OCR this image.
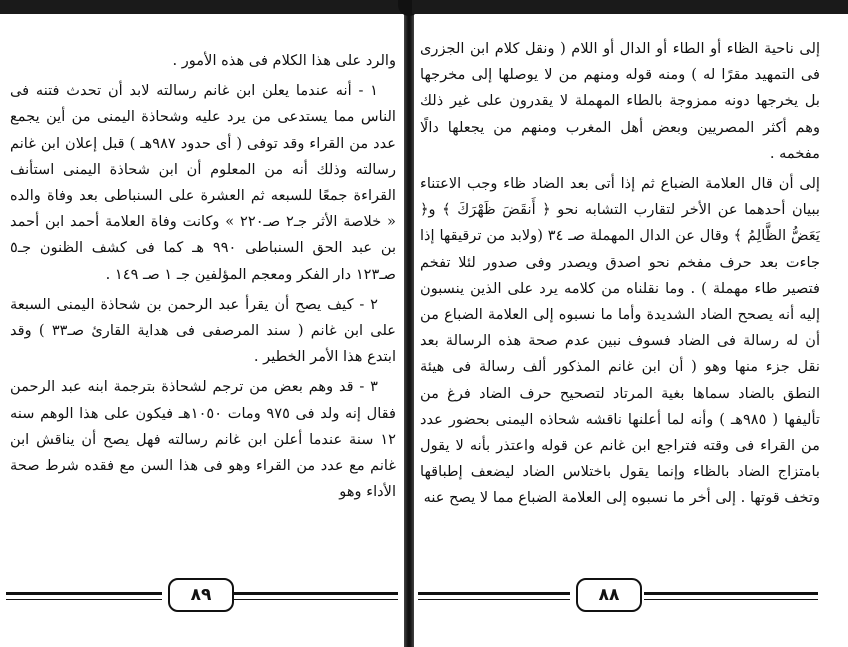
والرد على هذا الكلام فى هذه الأمور .

١ - أنه عندما يعلن ابن غانم رسالته لابد أن تحدث فتنه فى الناس مما يستدعى من يرد عليه وشحاذة اليمنى من أين يجمع عدد من القراء وقد توفى ( أى حدود ٩٨٧هـ ) قبل إعلان ابن غانم رسالته وذلك أنه من المعلوم أن ابن شحاذة اليمنى استأنف القراءة جمعًا للسبعه ثم العشرة على السنباطى بعد وفاة والده « خلاصة الأثر جـ٢ صـ٢٢٠ » وكانت وفاة العلامة أحمد ابن أحمد بن عبد الحق السنباطى ٩٩٠ هـ كما فى كشف الظنون جـ٥ صـ١٢٣ دار الفكر ومعجم المؤلفين جـ ١ صـ ١٤٩ .

٢ - كيف يصح أن يقرأ عبد الرحمن بن شحاذة اليمنى السبعة على ابن غانم ( سند المرصفى فى هداية القارئ صـ٣٣ ) وقد ابتدع هذا الأمر الخطير .

٣ - قد وهم بعض من ترجم لشحاذة بترجمة ابنه عبد الرحمن فقال إنه ولد فى ٩٧٥ ومات ١٠٥٠هـ فيكون على هذا الوهم سنه ١٢ سنة عندما أعلن ابن غانم رسالته فهل يصح أن يناقش ابن غانم مع عدد من القراء وهو فى هذا السن مع فقده شرط صحة الأداء وهو

٨٩

إلى ناحية الظاء أو الطاء أو الدال أو اللام ( ونقل كلام ابن الجزرى فى التمهيد مقرًا له ) ومنه قوله ومنهم من لا يوصلها إلى مخرجها بل يخرجها دونه ممزوجة بالطاء المهملة لا يقدرون على غير ذلك وهم أكثر المصريين وبعض أهل المغرب ومنهم من يجعلها دالًا مفخمه .

إلى أن قال العلامة الضباع ثم إذا أتى بعد الضاد ظاء وجب الاعتناء ببيان أحدهما عن الأخر لتقارب التشابه نحو ﴿ أَنقَضَ ظَهْرَكَ ﴾ و﴿ يَعَضُّ الظَّالِمُ ﴾ وقال عن الدال المهملة صـ ٣٤ (ولابد من ترقيقها إذا جاءت بعد حرف مفخم نحو اصدق ويصدر وفى صدور لئلا تفخم فتصير طاء مهملة ) . وما نقلناه من كلامه يرد على الذين ينسبون إليه أنه يصحح الضاد الشديدة وأما ما نسبوه إلى العلامة الضباع من أن له رسالة فى الضاد فسوف نبين عدم صحة هذه الرسالة بعد نقل جزء منها وهو ( أن ابن غانم المذكور ألف رسالة فى هيئة النطق بالضاد سماها بغية المرتاد لتصحيح حرف الضاد فرغ من تأليفها ( ٩٨٥هـ ) وأنه لما أعلنها ناقشه شحاذه اليمنى بحضور عدد من القراء فى وقته فتراجع ابن غانم عن قوله واعتذر بأنه لا يقول بامتزاج الضاد بالظاء وإنما يقول باختلاس الضاد ليضعف إطباقها وتخف قوتها . إلى أخر ما نسبوه إلى العلامة الضباع مما لا يصح عنه

٨٨
